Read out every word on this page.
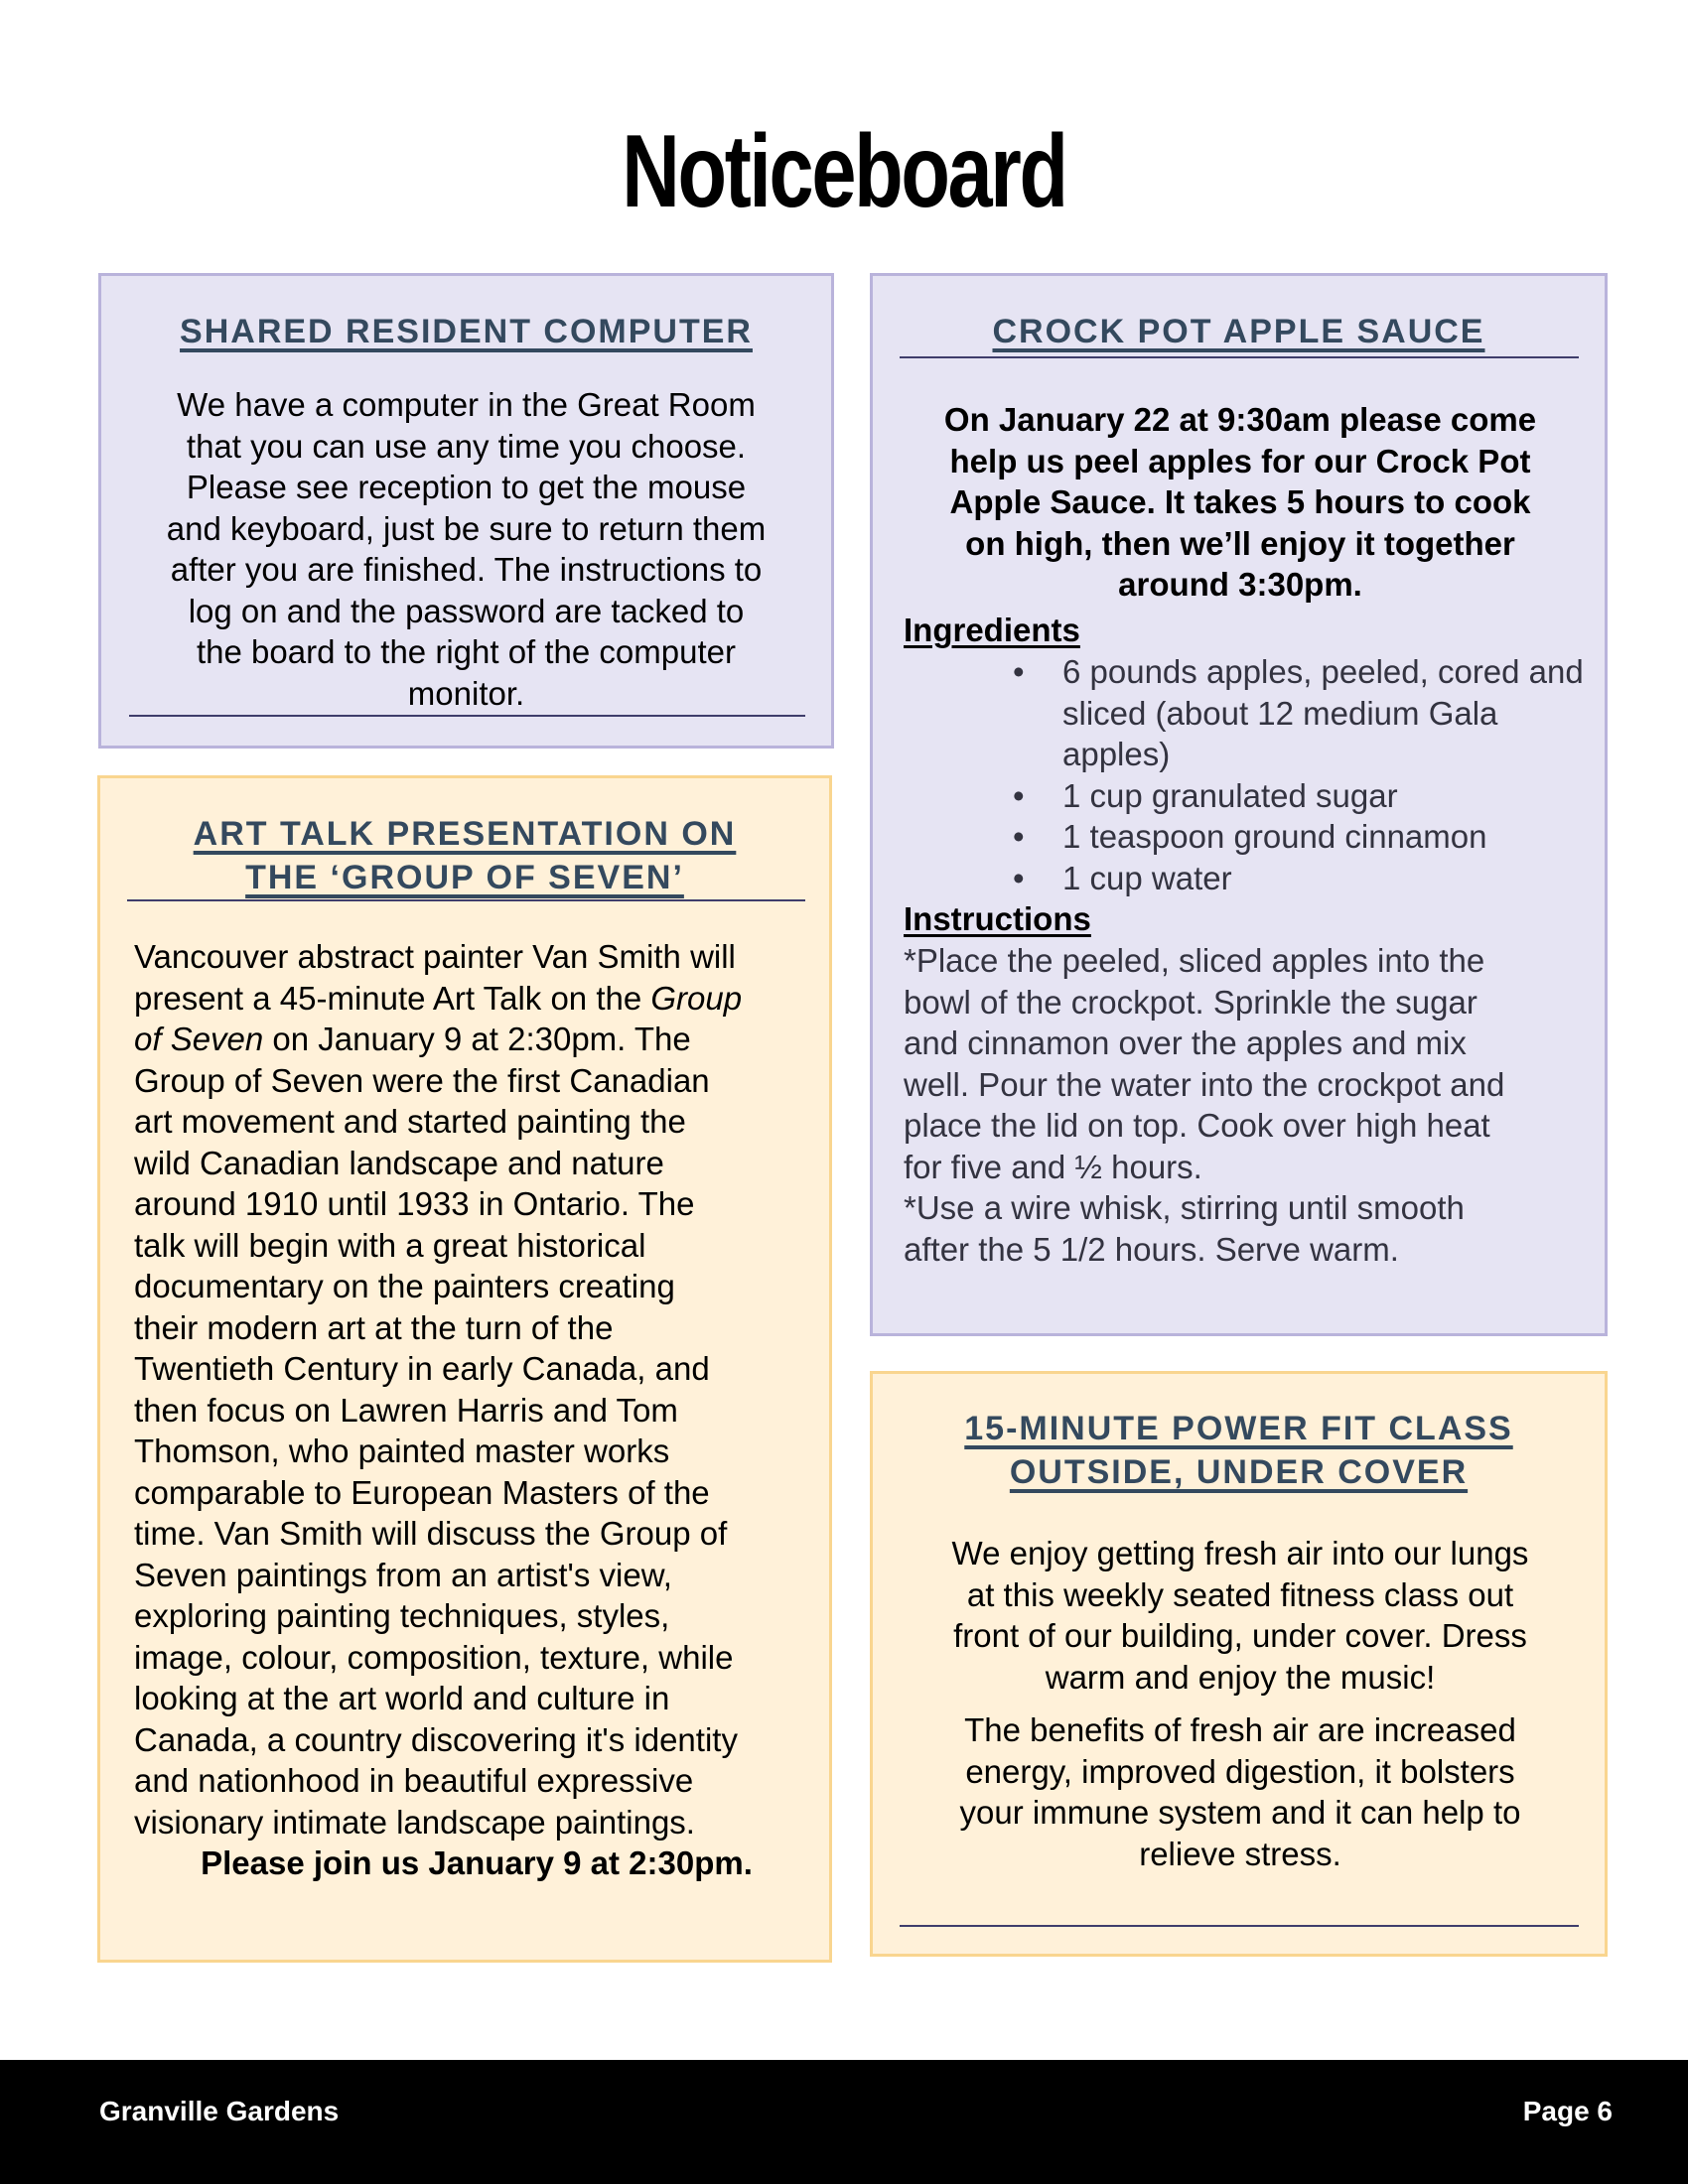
Noticeboard
SHARED RESIDENT COMPUTER
We have a computer in the Great Room
that you can use any time you choose.
Please see reception to get the mouse
and keyboard, just be sure to return them
after you are finished. The instructions to
log on and the password are tacked to
the board to the right of the computer
monitor.
ART TALK PRESENTATION ON
THE ‘GROUP OF SEVEN’
Vancouver abstract painter Van Smith will
present a 45-minute Art Talk on the Group
of Seven on January 9 at 2:30pm. The
Group of Seven were the first Canadian
art movement and started painting the
wild Canadian landscape and nature
around 1910 until 1933 in Ontario. The
talk will begin with a great historical
documentary on the painters creating
their modern art at the turn of the
Twentieth Century in early Canada, and
then focus on Lawren Harris and Tom
Thomson, who painted master works
comparable to European Masters of the
time. Van Smith will discuss the Group of
Seven paintings from an artist's view,
exploring painting techniques, styles,
image, colour, composition, texture, while
looking at the art world and culture in
Canada, a country discovering it's identity
and nationhood in beautiful expressive
visionary intimate landscape paintings.
Please join us January 9 at 2:30pm.
CROCK POT APPLE SAUCE
On January 22 at 9:30am please come
help us peel apples for our Crock Pot
Apple Sauce. It takes 5 hours to cook
on high, then we’ll enjoy it together
around 3:30pm.
Ingredients
• 6 pounds apples, peeled, cored and sliced (about 12 medium Gala apples)
• 1 cup granulated sugar
• 1 teaspoon ground cinnamon
• 1 cup water
Instructions
*Place the peeled, sliced apples into the
bowl of the crockpot. Sprinkle the sugar
and cinnamon over the apples and mix
well. Pour the water into the crockpot and
place the lid on top. Cook over high heat
for five and ½ hours.
*Use a wire whisk, stirring until smooth
after the 5 1/2 hours. Serve warm.
15-MINUTE POWER FIT CLASS
OUTSIDE, UNDER COVER
We enjoy getting fresh air into our lungs
at this weekly seated fitness class out
front of our building, under cover. Dress
warm and enjoy the music!
The benefits of fresh air are increased
energy, improved digestion, it bolsters
your immune system and it can help to
relieve stress.
Granville Gardens	Page 6
